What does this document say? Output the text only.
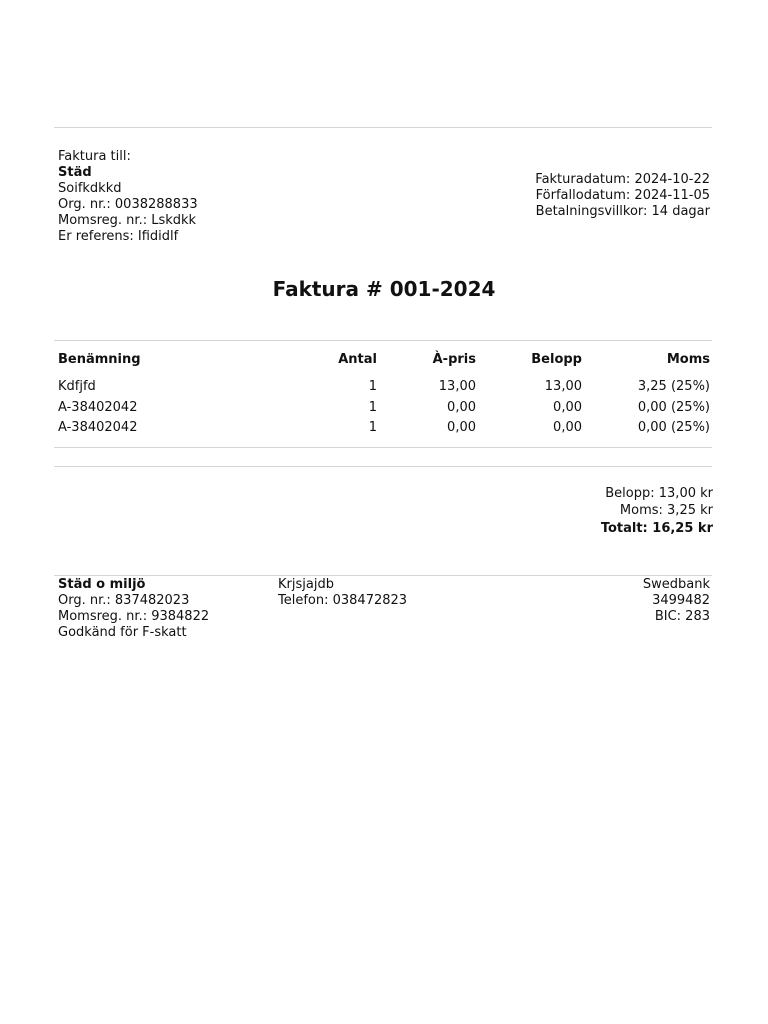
Faktura till:
Städ
Soifkdkkd
Org. nr.: 0038288833
Momsreg. nr.: Lskdkk
Er referens: Ifididlf
Fakturadatum: 2024-10-22
Förfallodatum: 2024-11-05
Betalningsvillkor: 14 dagar
Faktura # 001-2024
Benämning	Antal	À-pris	Belopp	Moms
Kdfjfd	1	13,00	13,00	3,25 (25%)
A-38402042	1	0,00	0,00	0,00 (25%)
A-38402042	1	0,00	0,00	0,00 (25%)
Belopp: 13,00 kr
Moms: 3,25 kr
Totalt: 16,25 kr
Städ o miljö
Org. nr.: 837482023
Momsreg. nr.: 9384822
Godkänd för F-skatt
Krjsjajdb
Telefon: 038472823
Swedbank
3499482
BIC: 283
